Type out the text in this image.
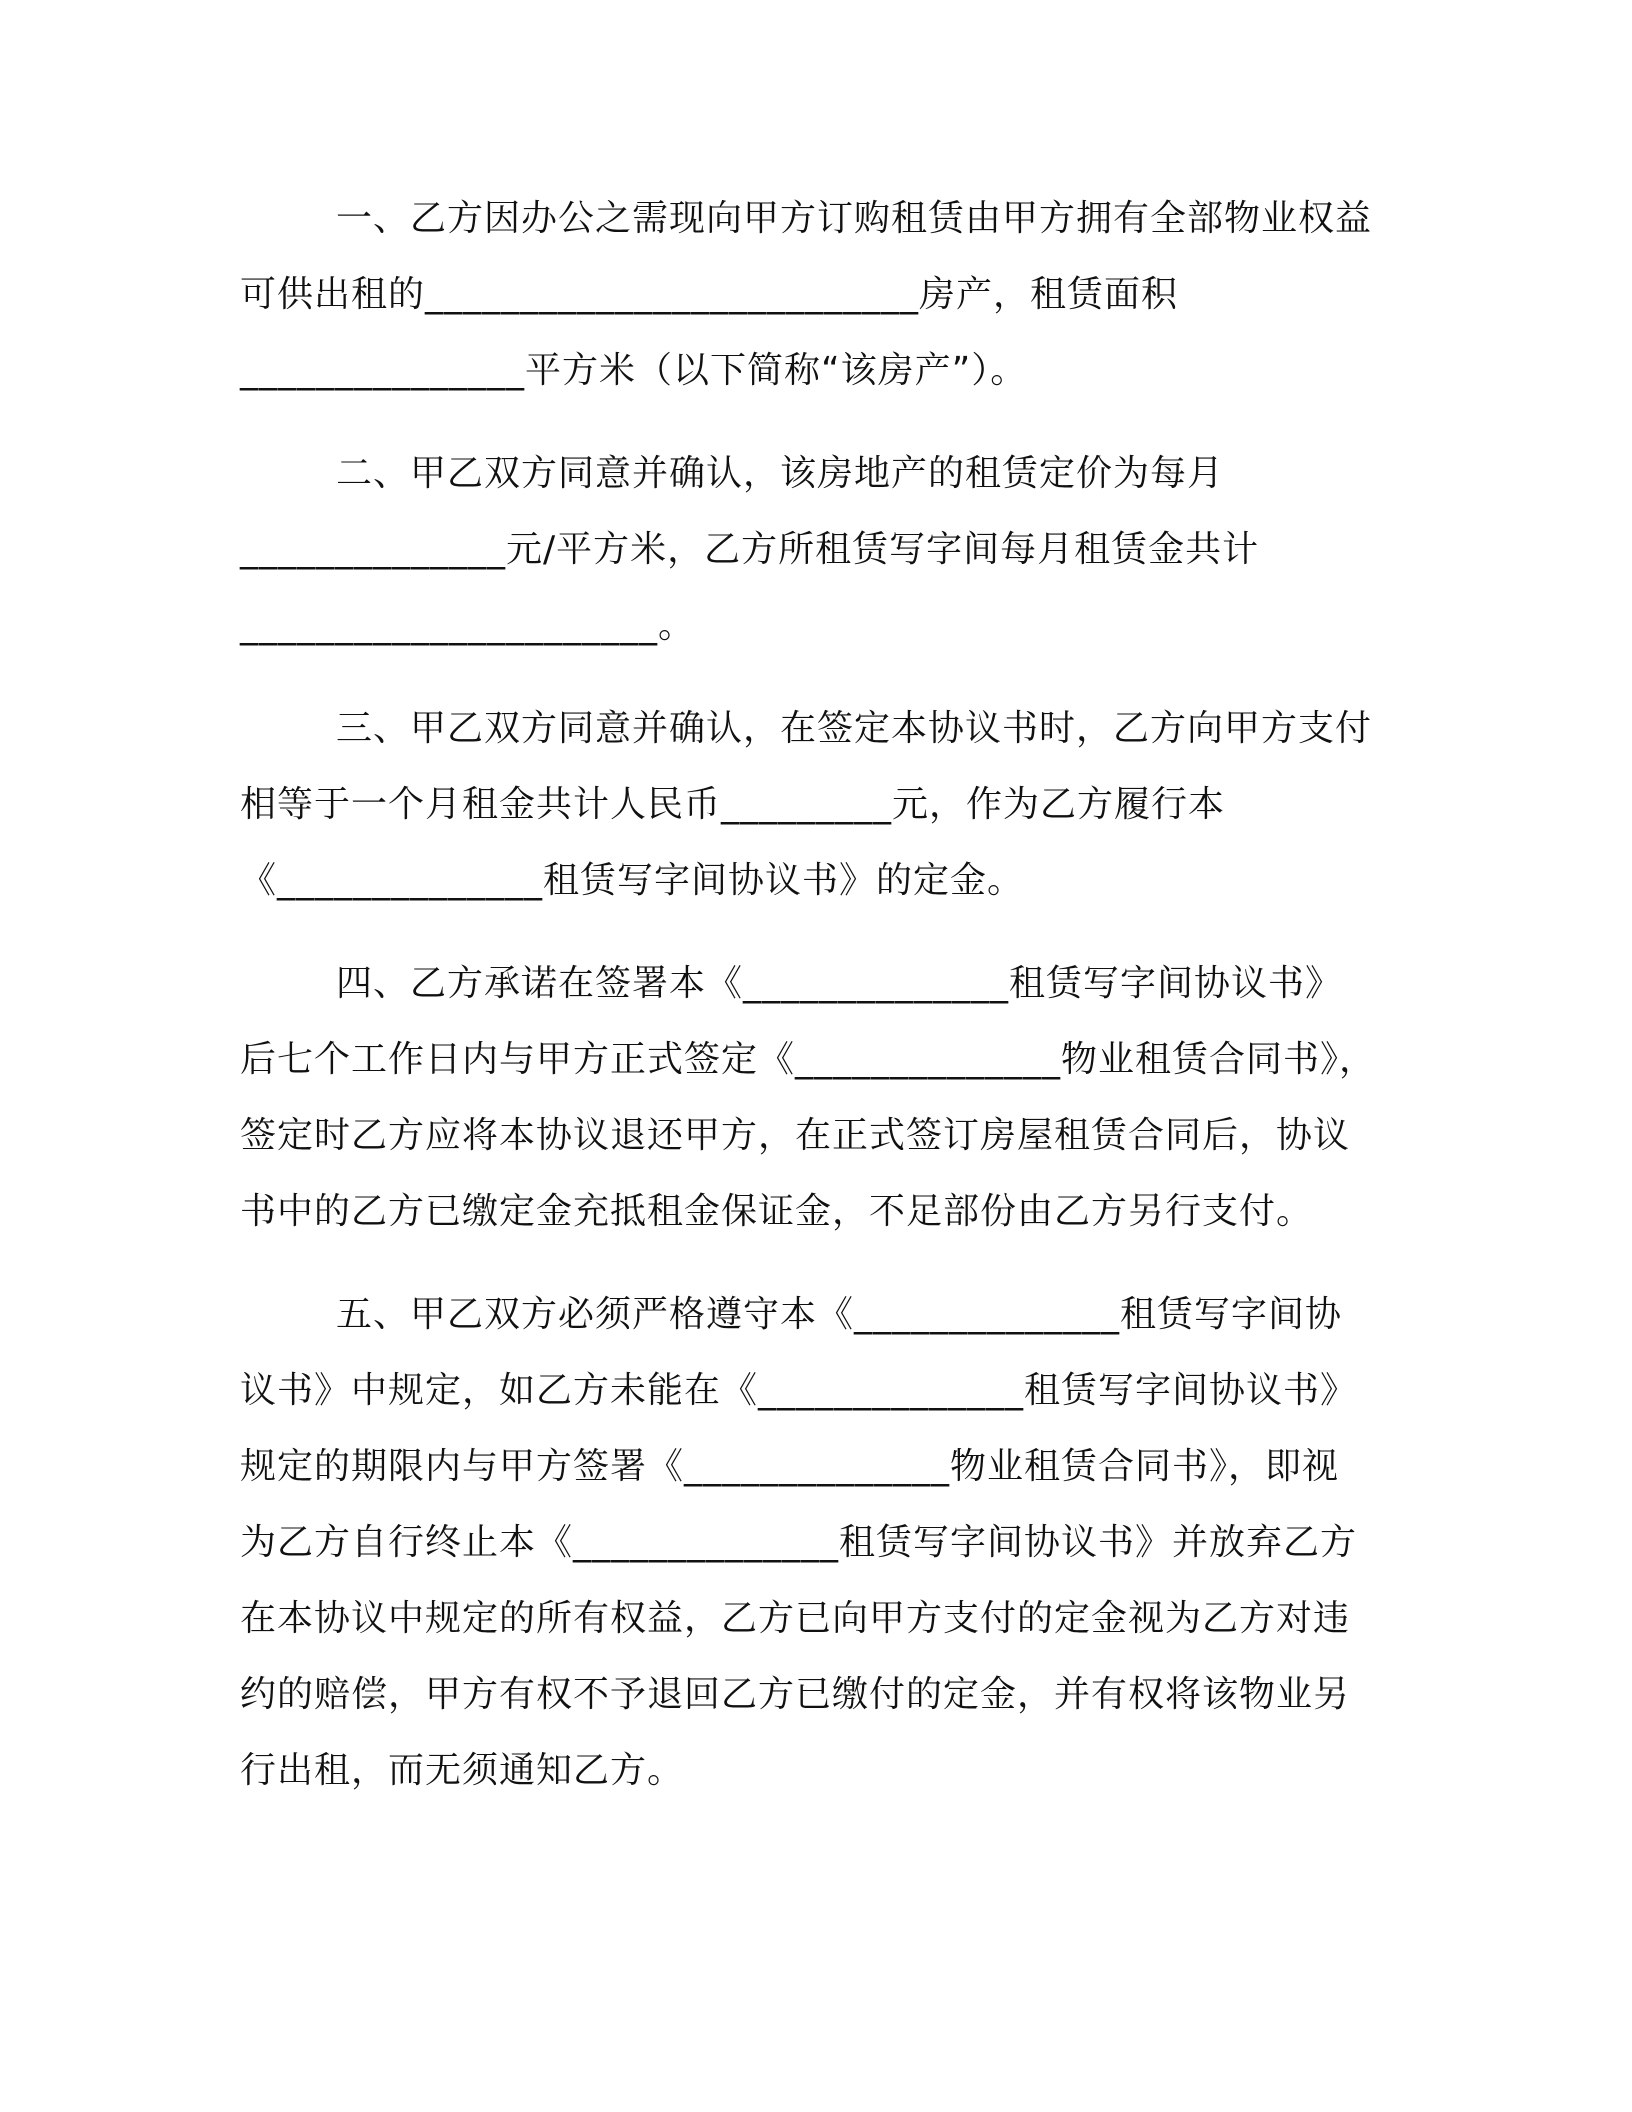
一、乙方因办公之需现向甲方订购租赁由甲方拥有全部物业权益
可供出租的__________________________房产，租赁面积
_______________平方米（以下简称“该房产”）。
二、甲乙双方同意并确认，该房地产的租赁定价为每月
______________元/平方米，乙方所租赁写字间每月租赁金共计
______________________。
三、甲乙双方同意并确认，在签定本协议书时，乙方向甲方支付
相等于一个月租金共计人民币_________元，作为乙方履行本
《______________租赁写字间协议书》的定金。
四、乙方承诺在签署本《______________租赁写字间协议书》
后七个工作日内与甲方正式签定《______________物业租赁合同书》，
签定时乙方应将本协议退还甲方，在正式签订房屋租赁合同后，协议
书中的乙方已缴定金充抵租金保证金，不足部份由乙方另行支付。
五、甲乙双方必须严格遵守本《______________租赁写字间协
议书》中规定，如乙方未能在《______________租赁写字间协议书》
规定的期限内与甲方签署《______________物业租赁合同书》，即视
为乙方自行终止本《______________租赁写字间协议书》并放弃乙方
在本协议中规定的所有权益，乙方已向甲方支付的定金视为乙方对违
约的赔偿，甲方有权不予退回乙方已缴付的定金，并有权将该物业另
行出租，而无须通知乙方。
